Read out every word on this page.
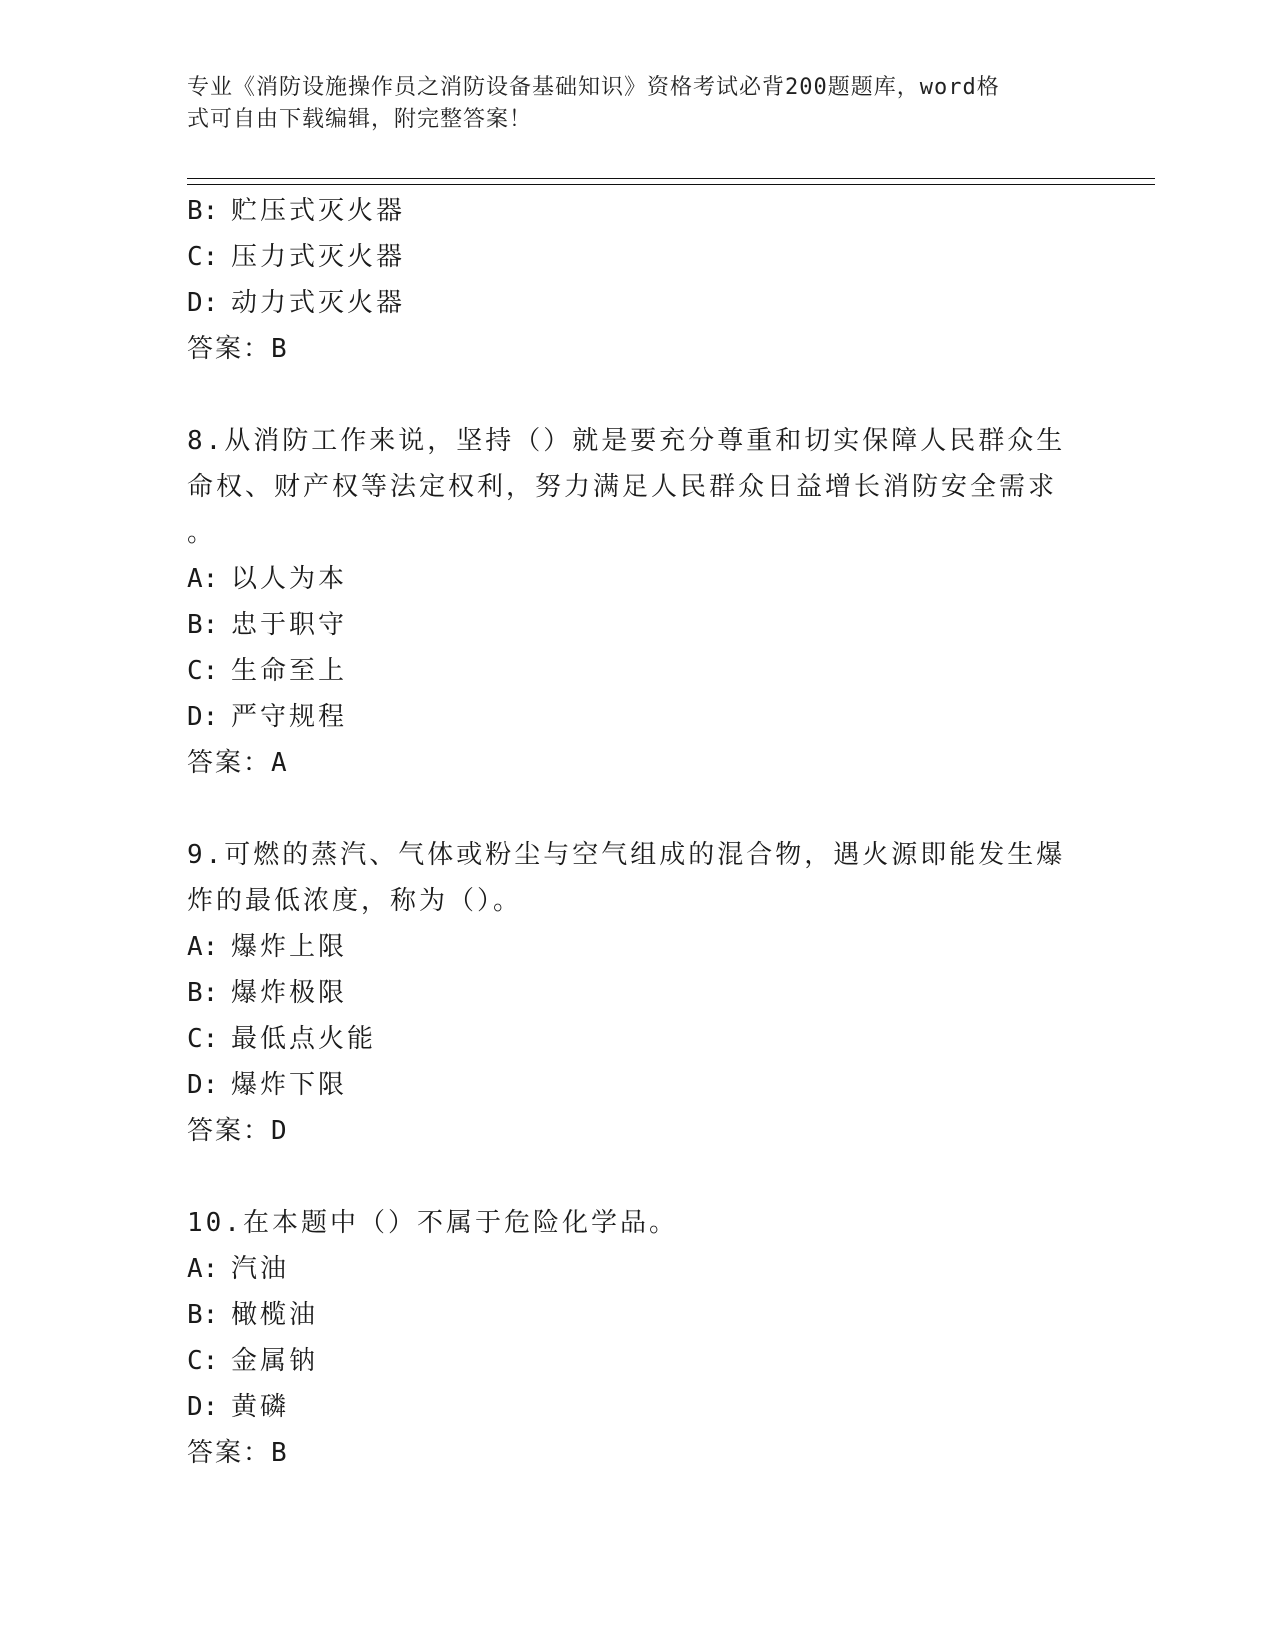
专业《消防设施操作员之消防设备基础知识》资格考试必背200题题库，word格
式可自由下载编辑，附完整答案！
B: 贮压式灭火器
C: 压力式灭火器
D: 动力式灭火器
答案：B
8.从消防工作来说，坚持（）就是要充分尊重和切实保障人民群众生
命权、财产权等法定权利，努力满足人民群众日益增长消防安全需求
。
A: 以人为本
B: 忠于职守
C: 生命至上
D: 严守规程
答案：A
9.可燃的蒸汽、气体或粉尘与空气组成的混合物，遇火源即能发生爆
炸的最低浓度，称为（）。
A: 爆炸上限
B: 爆炸极限
C: 最低点火能
D: 爆炸下限
答案：D
10.在本题中（）不属于危险化学品。
A: 汽油
B: 橄榄油
C: 金属钠
D: 黄磷
答案：B
